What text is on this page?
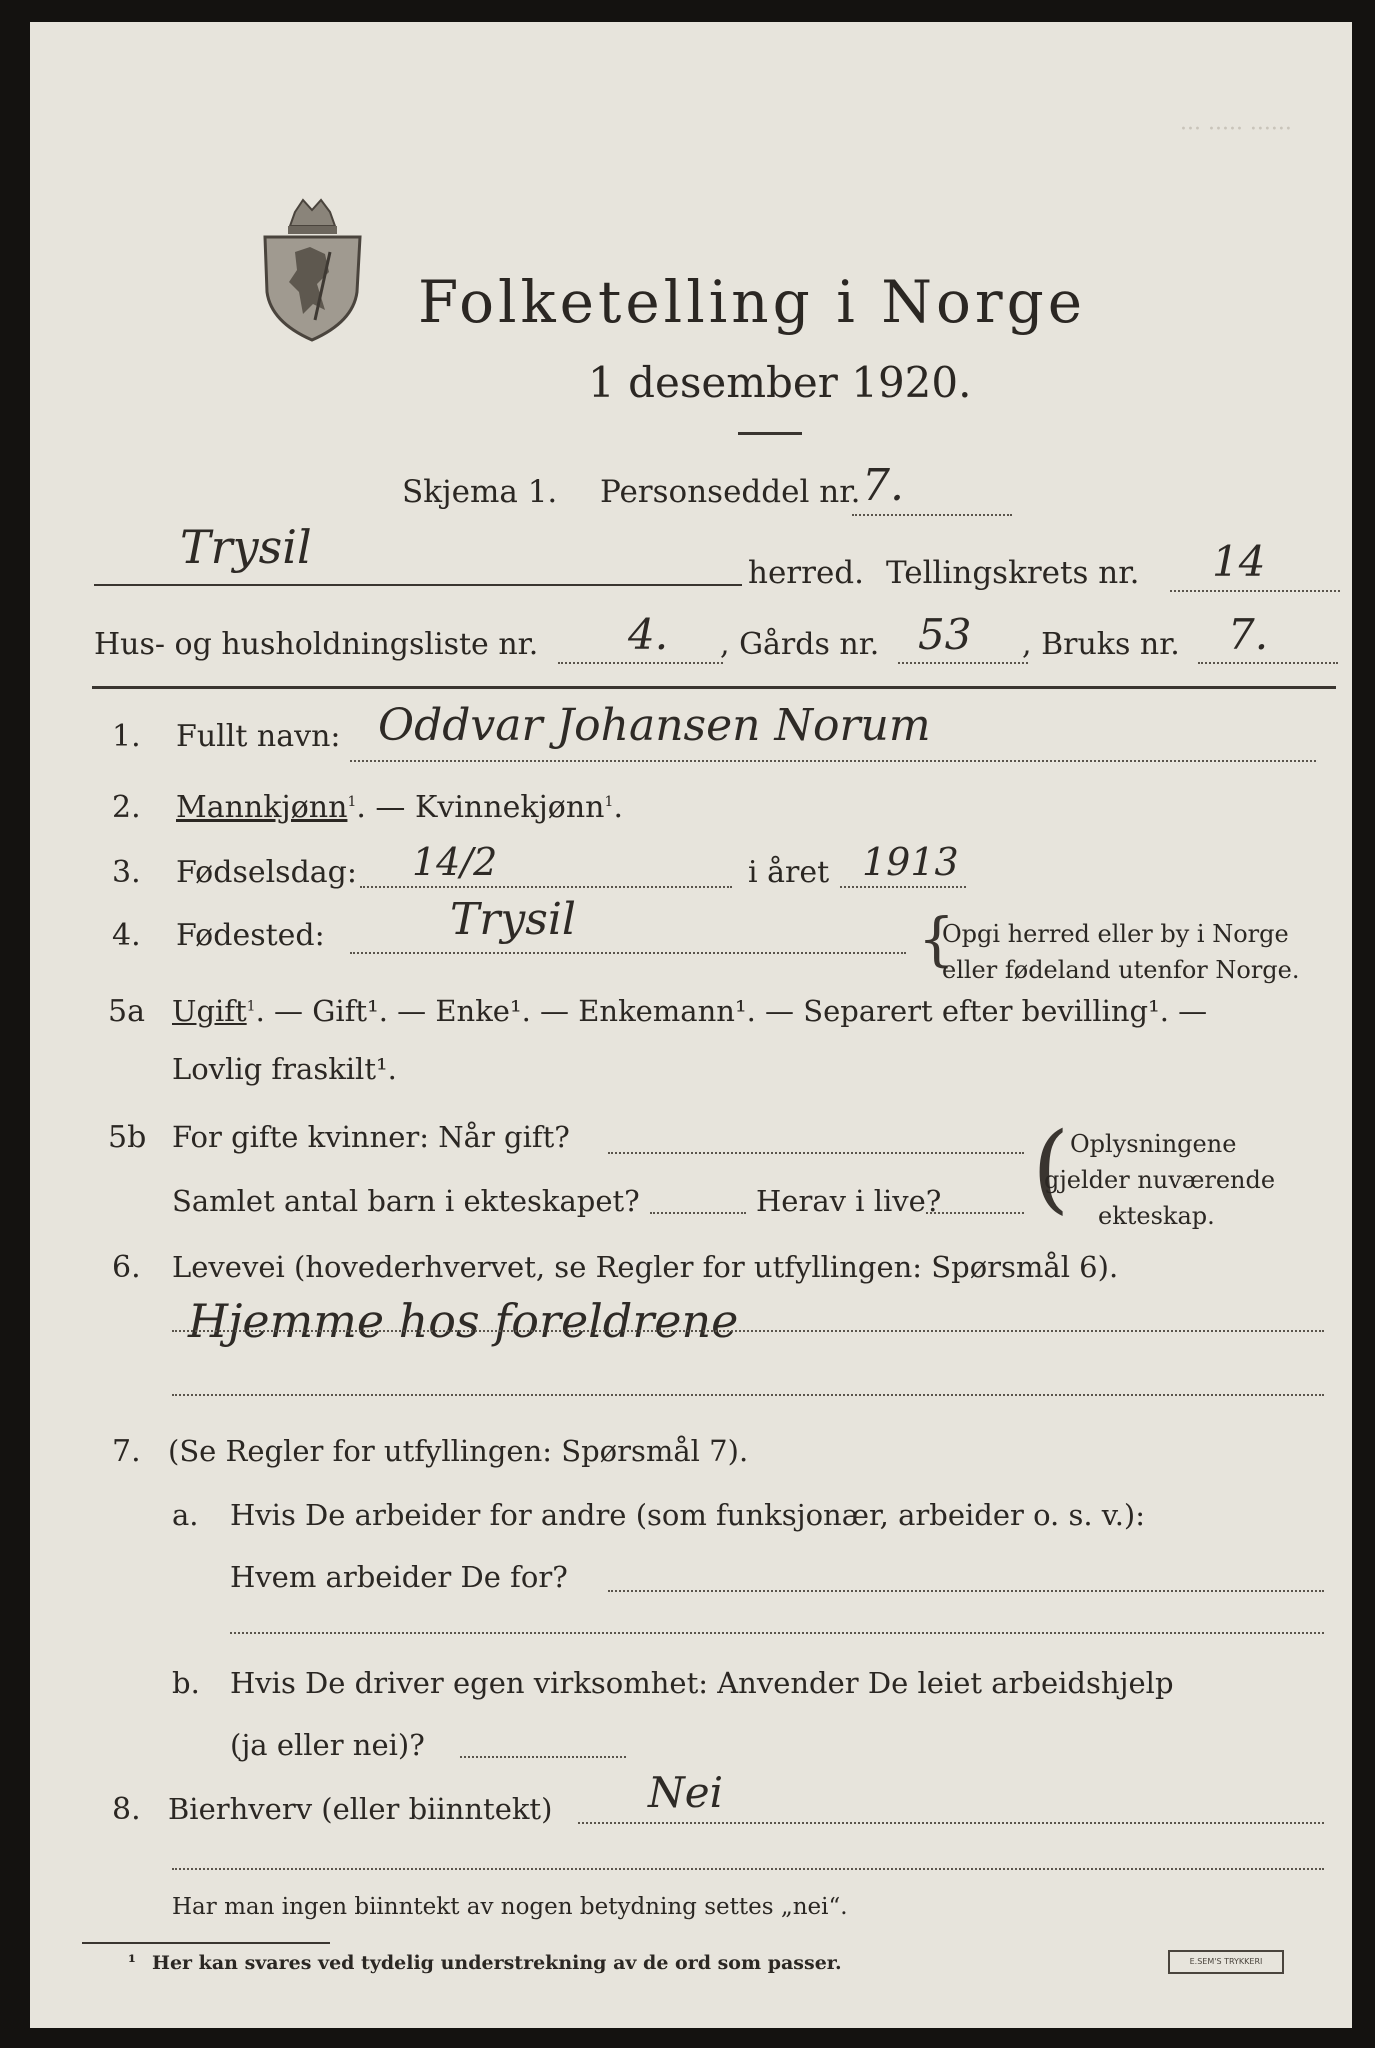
··· ····· ······
Folketelling i Norge
1 desember 1920.
Skjema 1. Personseddel nr. 7.
Trysil	herred. Tellingskrets nr. 14
Hus- og husholdningsliste nr. 4. , Gårds nr. 53 , Bruks nr. 7.
1. Fullt navn: Oddvar Johansen Norum
2. Mannkjønn$^1$. — Kvinnekjønn$^1$.
3. Fødselsdag: 14/2	i året 1913
4. Fødested:	Trysil	{
Opgi herred eller by i Norge
eller fødeland utenfor Norge.
5a Ugift$^1$. — Gift¹. — Enke¹. — Enkemann¹. — Separert efter bevilling¹. —
Lovlig fraskilt¹.
5b For gifte kvinner: Når gift?
Samlet antal barn i ekteskapet?	Herav i live? ( Oplysningene
gjelder nuværende
ekteskap.
6. Levevei (hovederhvervet, se Regler for utfyllingen: Spørsmål 6).
Hjemme hos foreldrene
7. (Se Regler for utfyllingen: Spørsmål 7).
a. Hvis De arbeider for andre (som funksjonær, arbeider o. s. v.):
Hvem arbeider De for?
b. Hvis De driver egen virksomhet: Anvender De leiet arbeidshjelp
(ja eller nei)?
8. Bierhverv (eller biinntekt) Nei
Har man ingen biinntekt av nogen betydning settes „nei“.
¹ Her kan svares ved tydelig understrekning av de ord som passer.	E.SEM'S TRYKKERI
